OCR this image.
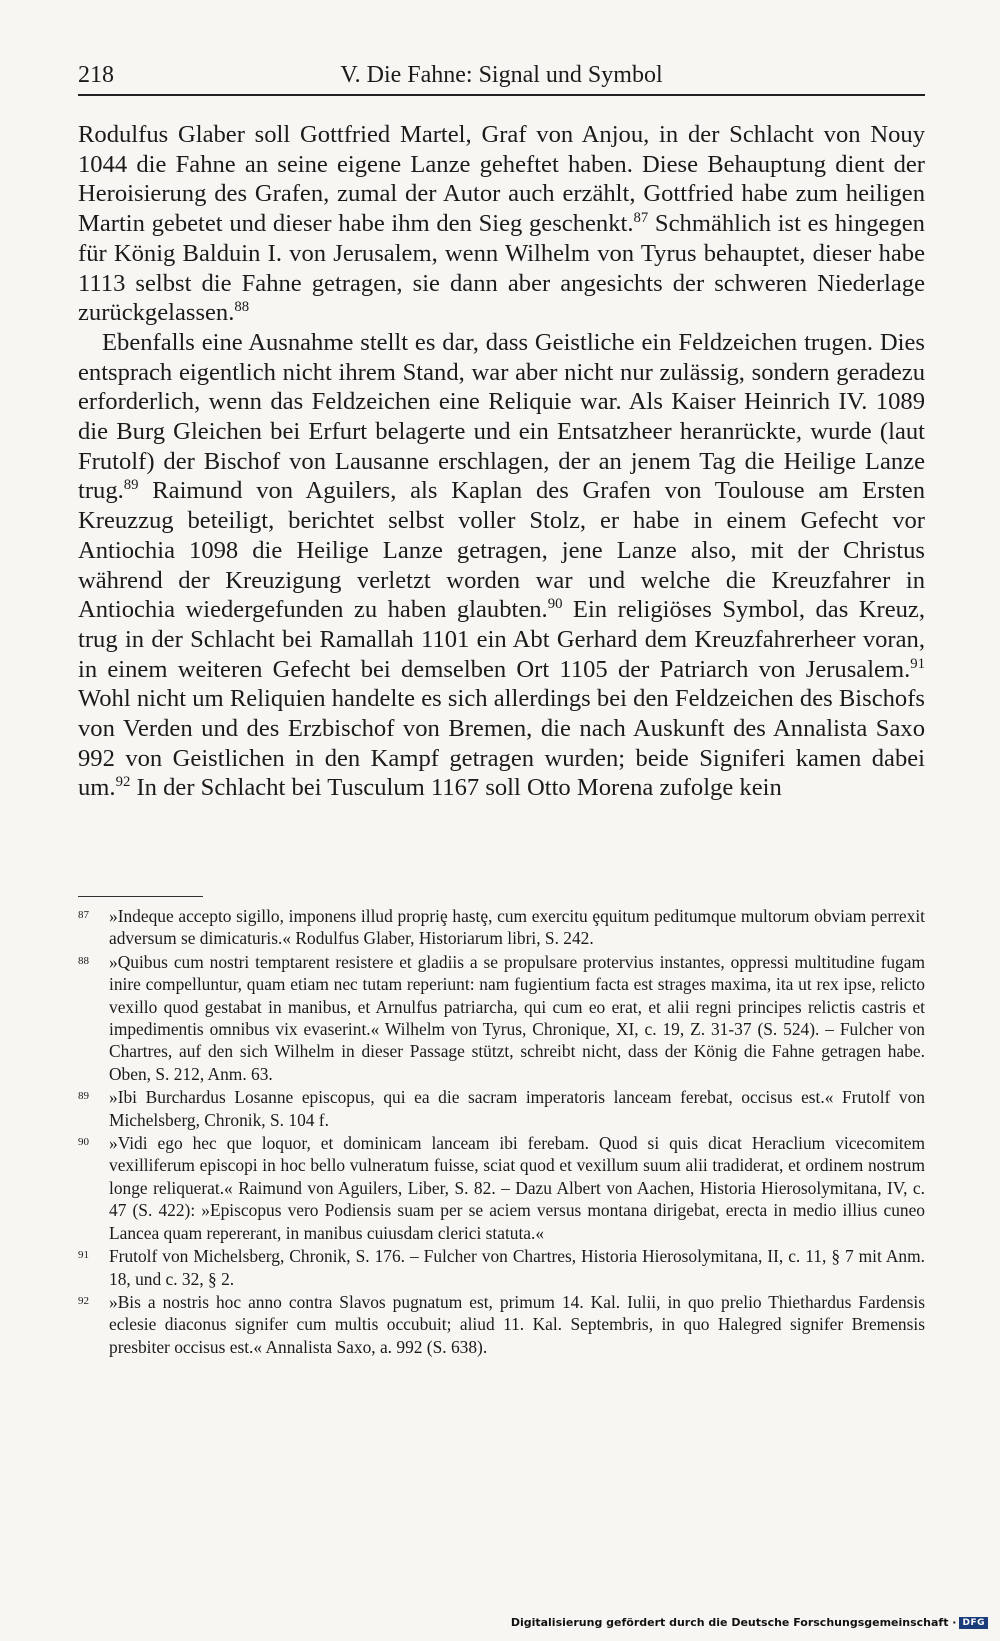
218	V. Die Fahne: Signal und Symbol

Rodulfus Glaber soll Gottfried Martel, Graf von Anjou, in der Schlacht von Nouy 1044 die Fahne an seine eigene Lanze geheftet haben. Diese Behauptung dient der Heroisierung des Grafen, zumal der Autor auch erzählt, Gottfried habe zum heiligen Martin gebetet und dieser habe ihm den Sieg geschenkt.$^{87}$ Schmählich ist es hingegen für König Balduin I. von Jerusalem, wenn Wilhelm von Tyrus behauptet, dieser habe 1113 selbst die Fahne getragen, sie dann aber angesichts der schweren Niederlage zurückgelassen.$^{88}$

Ebenfalls eine Ausnahme stellt es dar, dass Geistliche ein Feldzeichen trugen. Dies entsprach eigentlich nicht ihrem Stand, war aber nicht nur zulässig, sondern geradezu erforderlich, wenn das Feldzeichen eine Reliquie war. Als Kaiser Heinrich IV. 1089 die Burg Gleichen bei Erfurt belagerte und ein Entsatzheer heranrückte, wurde (laut Frutolf) der Bischof von Lausanne erschlagen, der an jenem Tag die Heilige Lanze trug.$^{89}$ Raimund von Aguilers, als Kaplan des Grafen von Toulouse am Ersten Kreuzzug beteiligt, berichtet selbst voller Stolz, er habe in einem Gefecht vor Antiochia 1098 die Heilige Lanze getragen, jene Lanze also, mit der Christus während der Kreuzigung verletzt worden war und welche die Kreuzfahrer in Antiochia wiedergefunden zu haben glaubten.$^{90}$ Ein religiöses Symbol, das Kreuz, trug in der Schlacht bei Ramallah 1101 ein Abt Gerhard dem Kreuzfahrerheer voran, in einem weiteren Gefecht bei demselben Ort 1105 der Patriarch von Jerusalem.$^{91}$ Wohl nicht um Reliquien handelte es sich allerdings bei den Feldzeichen des Bischofs von Verden und des Erzbischof von Bremen, die nach Auskunft des Annalista Saxo 992 von Geistlichen in den Kampf getragen wurden; beide Signiferi kamen dabei um.$^{92}$ In der Schlacht bei Tusculum 1167 soll Otto Morena zufolge kein

87 »Indeque accepto sigillo, imponens illud propriȩ hastȩ, cum exercitu ȩquitum peditumque multorum obviam perrexit adversum se dimicaturis.« Rodulfus Glaber, Historiarum libri, S. 242.
88 »Quibus cum nostri temptarent resistere et gladiis a se propulsare protervius instantes, oppressi multitudine fugam inire compelluntur, quam etiam nec tutam reperiunt: nam fugientium facta est strages maxima, ita ut rex ipse, relicto vexillo quod gestabat in manibus, et Arnulfus patriarcha, qui cum eo erat, et alii regni principes relictis castris et impedimentis omnibus vix evaserint.« Wilhelm von Tyrus, Chronique, XI, c. 19, Z. 31-37 (S. 524). – Fulcher von Chartres, auf den sich Wilhelm in dieser Passage stützt, schreibt nicht, dass der König die Fahne getragen habe. Oben, S. 212, Anm. 63.
89 »Ibi Burchardus Losanne episcopus, qui ea die sacram imperatoris lanceam ferebat, occisus est.« Frutolf von Michelsberg, Chronik, S. 104 f.
90 »Vidi ego hec que loquor, et dominicam lanceam ibi ferebam. Quod si quis dicat Heraclium vicecomitem vexilliferum episcopi in hoc bello vulneratum fuisse, sciat quod et vexillum suum alii tradiderat, et ordinem nostrum longe reliquerat.« Raimund von Aguilers, Liber, S. 82. – Dazu Albert von Aachen, Historia Hierosolymitana, IV, c. 47 (S. 422): »Episcopus vero Podiensis suam per se aciem versus montana dirigebat, erecta in medio illius cuneo Lancea quam repererant, in manibus cuiusdam clerici statuta.«
91 Frutolf von Michelsberg, Chronik, S. 176. – Fulcher von Chartres, Historia Hierosolymitana, II, c. 11, § 7 mit Anm. 18, und c. 32, § 2.
92 »Bis a nostris hoc anno contra Slavos pugnatum est, primum 14. Kal. Iulii, in quo prelio Thiethardus Fardensis eclesie diaconus signifer cum multis occubuit; aliud 11. Kal. Septembris, in quo Halegred signifer Bremensis presbiter occisus est.« Annalista Saxo, a. 992 (S. 638).
Digitalisierung gefördert durch die Deutsche Forschungsgemeinschaft · DFG
